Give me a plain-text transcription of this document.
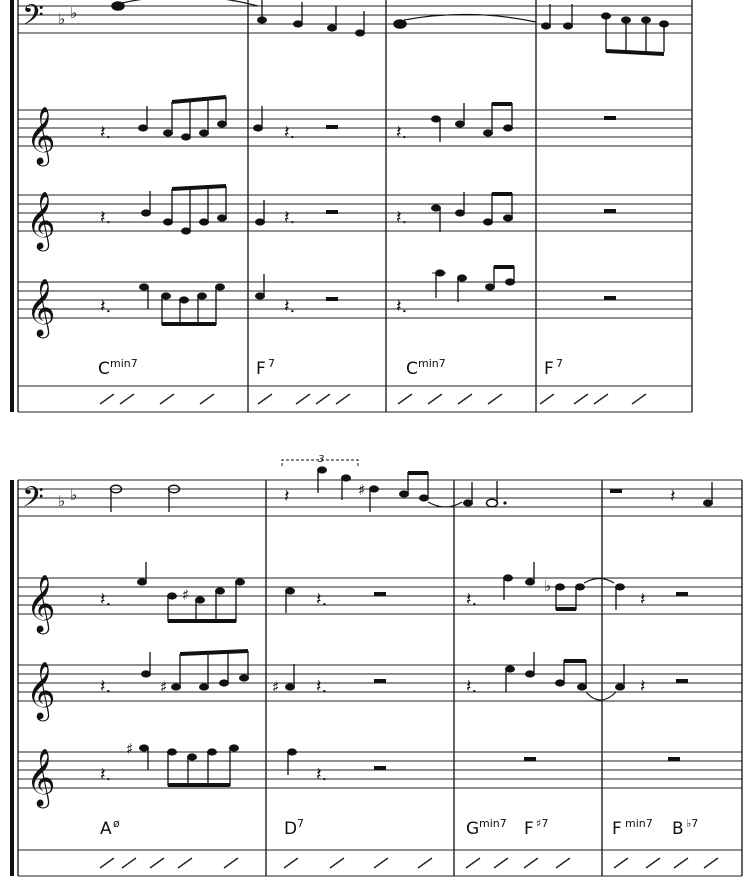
𝄢 ♭ ♭
𝄞 𝄽.	𝄽.	𝄽.
𝄞 𝄽.	𝄽.	𝄽.
𝄞 𝄽.	𝄽.	𝄽.
C min7	F 7	C min7	F 7
3
𝄢 ♭ ♭	𝄽	♯	𝄽
𝄞 𝄽.	♯	𝄽.	𝄽.
♭
𝄽
𝄞 𝄽.	♯	♯ 𝄽.	𝄽.	𝄽
𝄞 𝄽.
♯
𝄽.
A ø	D 7	G min7 F ♯7	F min7 B ♭7
